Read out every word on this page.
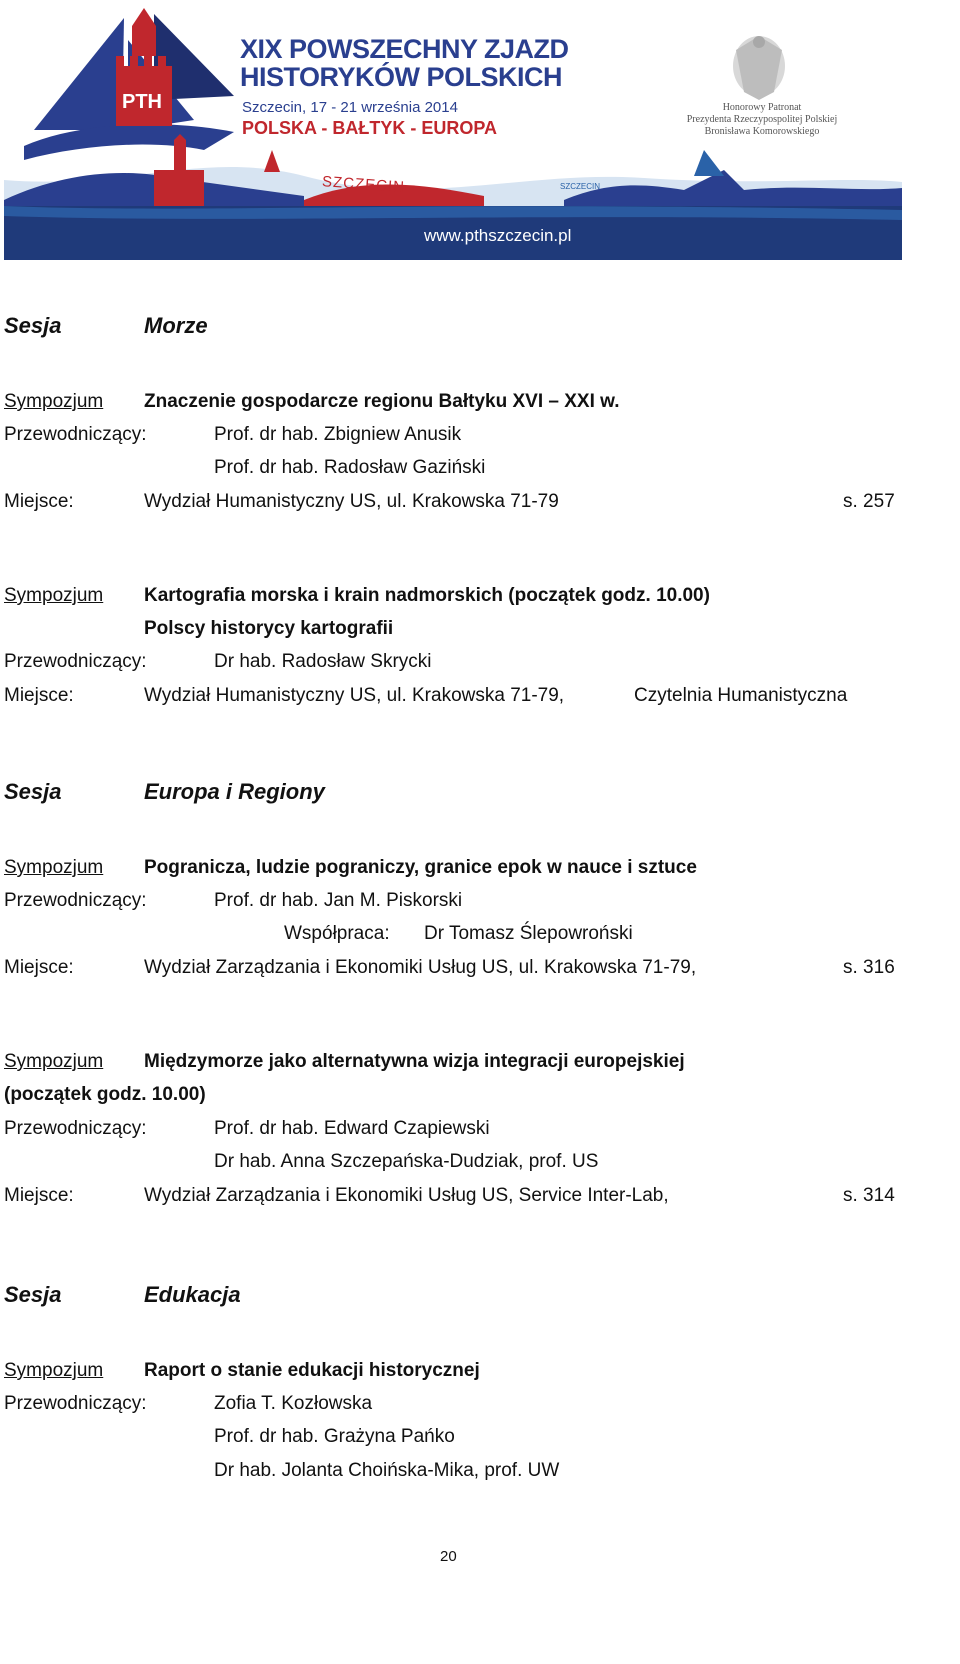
PTH
XIX POWSZECHNY ZJAZD
HISTORYKÓW POLSKICH
Szczecin, 17 - 21 września 2014
POLSKA - BAŁTYK - EUROPA
Honorowy Patronat
Prezydenta Rzeczypospolitej Polskiej
Bronisława Komorowskiego
SZCZECIN	SZCZECIN
www.pthszczecin.pl
Sesja	Morze
Sympozjum Znaczenie gospodarcze regionu Bałtyku XVI – XXI w.
Przewodniczący:	Prof. dr hab. Zbigniew Anusik
Prof. dr hab. Radosław Gaziński
Miejsce:	Wydział Humanistyczny US, ul. Krakowska 71-79	s. 257
Sympozjum Kartografia morska i krain nadmorskich (początek godz. 10.00)
Polscy historycy kartografii
Przewodniczący:	Dr hab. Radosław Skrycki
Miejsce:	Wydział Humanistyczny US, ul. Krakowska 71-79,	Czytelnia Humanistyczna
Sesja	Europa i Regiony
Sympozjum Pogranicza, ludzie pograniczy, granice epok w nauce i sztuce
Przewodniczący:	Prof. dr hab. Jan M. Piskorski
Współpraca: Dr Tomasz Ślepowroński
Miejsce:	Wydział Zarządzania i Ekonomiki Usług US, ul. Krakowska 71-79,	s. 316
Sympozjum Międzymorze jako alternatywna wizja integracji europejskiej
(początek godz. 10.00)
Przewodniczący:	Prof. dr hab. Edward Czapiewski
Dr hab. Anna Szczepańska-Dudziak, prof. US
Miejsce:	Wydział Zarządzania i Ekonomiki Usług US, Service Inter-Lab,	s. 314
Sesja	Edukacja
Sympozjum Raport o stanie edukacji historycznej
Przewodniczący:	Zofia T. Kozłowska
Prof. dr hab. Grażyna Pańko
Dr hab. Jolanta Choińska-Mika, prof. UW
20
